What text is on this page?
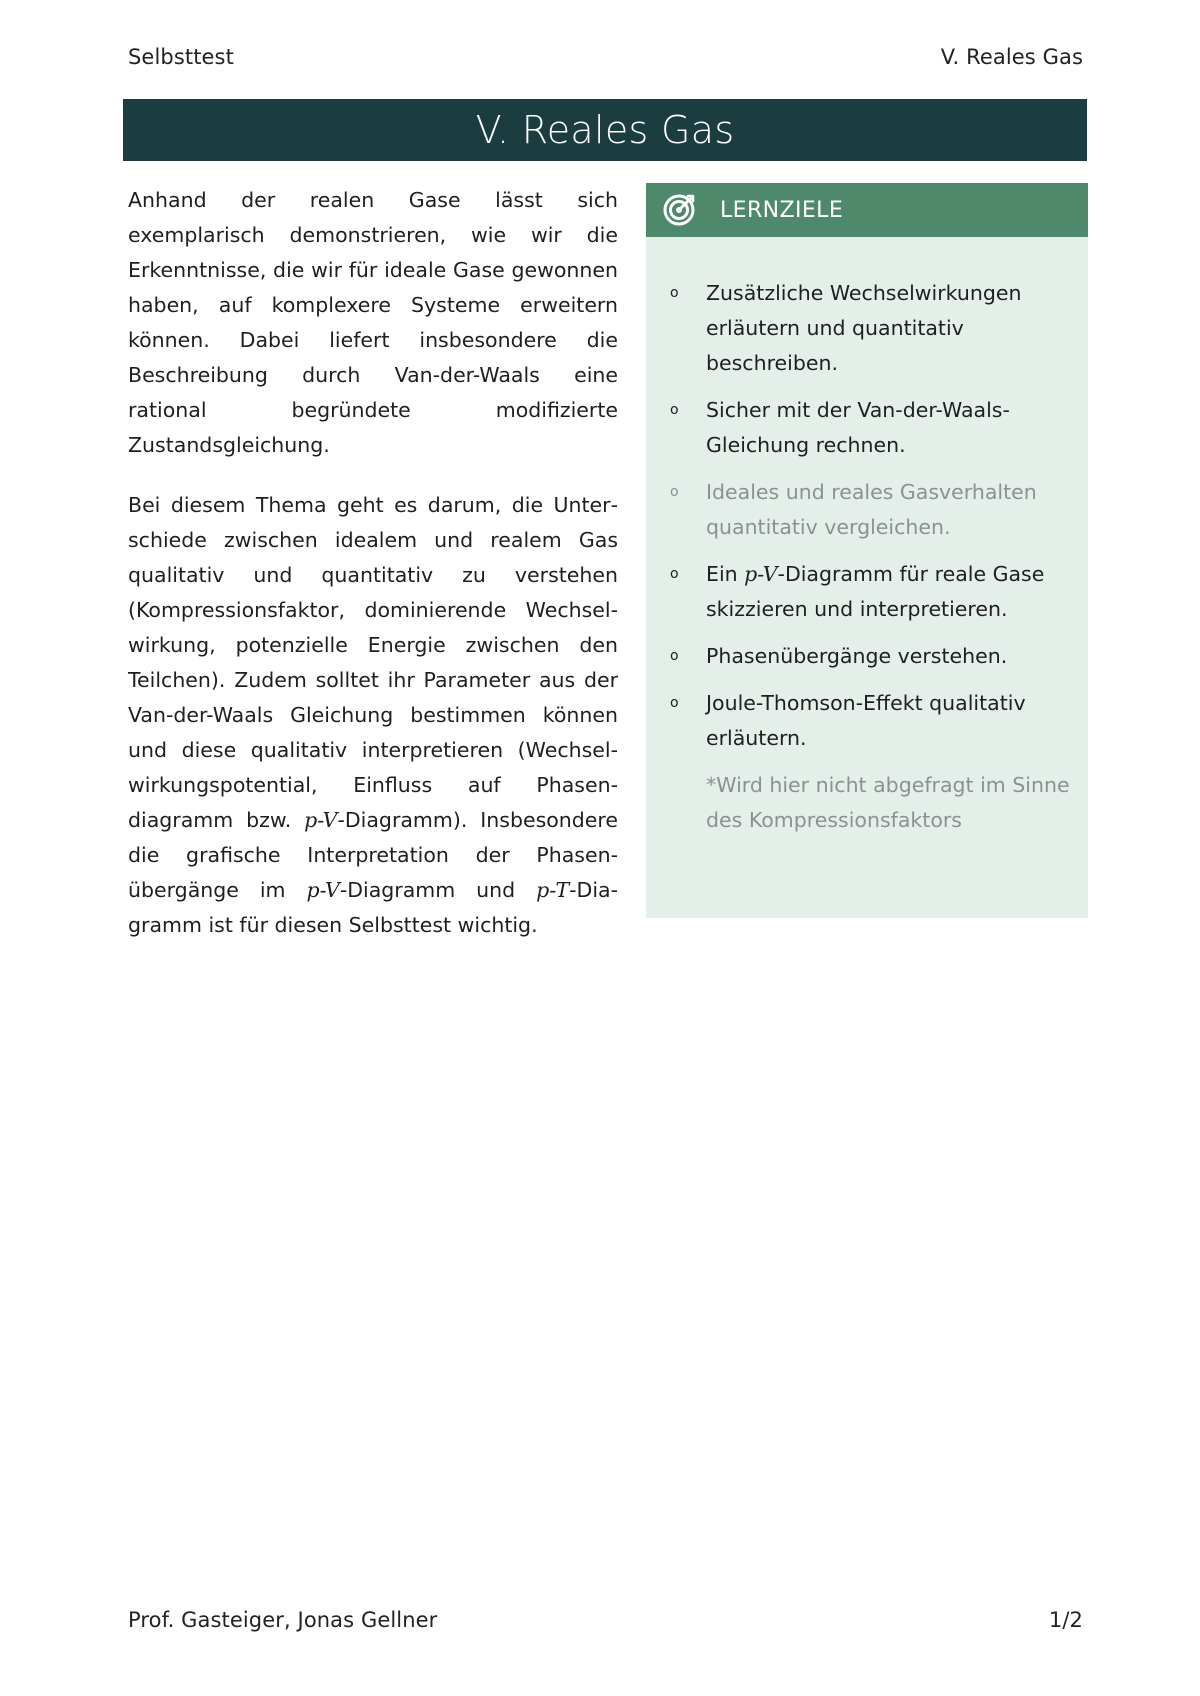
Selbsttest	V. Reales Gas
V. Reales Gas

Anhand der realen Gase lässt sich exemplarisch demonstrieren, wie wir die Erkenntnisse, die wir für ideale Gase gewonnen haben, auf komplexere Systeme erweitern können. Dabei liefert insbesondere die Beschreibung durch Van-der-Waals eine rational begründete modifizierte Zustandsgleichung.

Bei diesem Thema geht es darum, die Unterschiede zwischen idealem und realem Gas qualitativ und quantitativ zu verstehen (Kompressionsfaktor, dominierende Wechselwirkung, potenzielle Energie zwischen den Teilchen). Zudem solltet ihr Parameter aus der Van-der-Waals Gleichung bestimmen können und diese qualitativ interpretieren (Wechselwirkungspotential, Einfluss auf Phasendiagramm bzw. p-V-Diagramm). Insbesondere die grafische Interpretation der Phasenübergänge im p-V-Diagramm und p-T-Diagramm ist für diesen Selbsttest wichtig.

LERNZIELE
o Zusätzliche Wechselwirkungen erläutern und quantitativ beschreiben.
o Sicher mit der Van-der-Waals-Gleichung rechnen.
o Ideales und reales Gasverhalten quantitativ vergleichen.
o Ein p-V-Diagramm für reale Gase skizzieren und interpretieren.
o Phasenübergänge verstehen.
o Joule-Thomson-Effekt qualitativ erläutern.
*Wird hier nicht abgefragt im Sinne des Kompressionsfaktors
Prof. Gasteiger, Jonas Gellner	1/2
